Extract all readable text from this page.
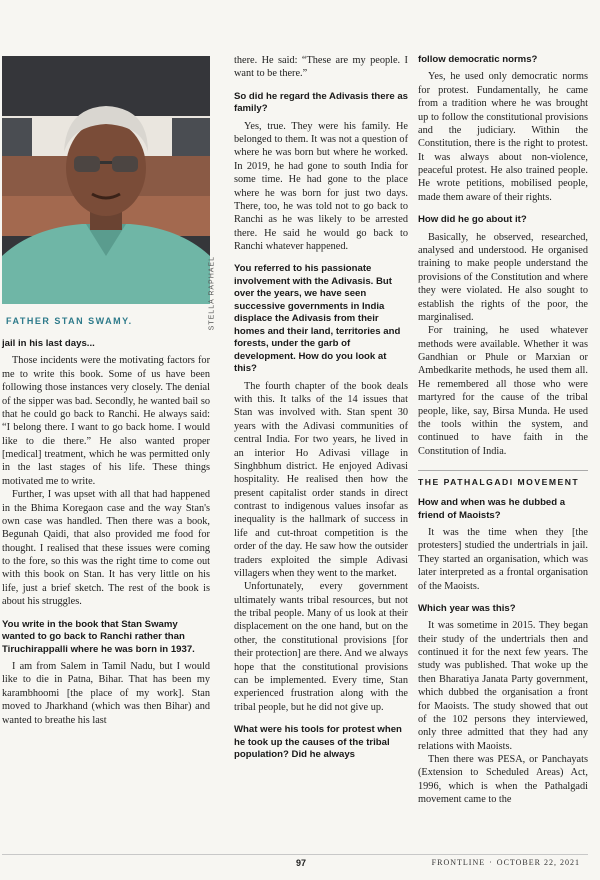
STELLA RAPHAEL
FATHER STAN SWAMY.
jail in his last days...

Those incidents were the motivating factors for me to write this book. Some of us have been following those instances very closely. The denial of the sipper was bad. Secondly, he wanted bail so that he could go back to Ranchi. He always said: “I belong there. I want to go back home. I would like to die there.” He also wanted proper [medical] treatment, which he was permitted only in the last stages of his life. These things motivated me to write.

Further, I was upset with all that had happened in the Bhima Koregaon case and the way Stan's own case was handled. Then there was a book, Begunah Qaidi, that also provided me food for thought. I realised that these issues were coming to the fore, so this was the right time to come out with this book on Stan. It has very little on his life, just a brief sketch. The rest of the book is about his struggles.

You write in the book that Stan Swamy wanted to go back to Ranchi rather than Tiruchirappalli where he was born in 1937.

I am from Salem in Tamil Nadu, but I would like to die in Patna, Bihar. That has been my karambhoomi [the place of my work]. Stan moved to Jharkhand (which was then Bihar) and wanted to breathe his last

there. He said: “These are my people. I want to be there.”

So did he regard the Adivasis there as family?

Yes, true. They were his family. He belonged to them. It was not a question of where he was born but where he worked. In 2019, he had gone to south India for some time. He had gone to the place where he was born for just two days. There, too, he was told not to go back to Ranchi as he was likely to be arrested there. He said he would go back to Ranchi whatever happened.

You referred to his passionate involvement with the Adivasis. But over the years, we have seen successive governments in India displace the Adivasis from their homes and their land, territories and forests, under the garb of development. How do you look at this?

The fourth chapter of the book deals with this. It talks of the 14 issues that Stan was involved with. Stan spent 30 years with the Adivasi communities of central India. For two years, he lived in an interior Ho Adivasi village in Singhbhum district. He enjoyed Adivasi hospitality. He realised then how the present capitalist order stands in direct contrast to indigenous values insofar as inequality is the hallmark of success in life and cut-throat competition is the order of the day. He saw how the outsider traders exploited the simple Adivasi villagers when they went to the market.

Unfortunately, every government ultimately wants tribal resources, but not the tribal people. Many of us look at their displacement on the one hand, but on the other, the constitutional provisions [for their protection] are there. And we always hope that the constitutional provisions can be implemented. Every time, Stan experienced frustration along with the tribal people, but he did not give up.

What were his tools for protest when he took up the causes of the tribal population? Did he always
follow democratic norms?

Yes, he used only democratic norms for protest. Fundamentally, he came from a tradition where he was brought up to follow the constitutional provisions and the judiciary. Within the Constitution, there is the right to protest. It was always about non-violence, peaceful protest. He also trained people. He wrote petitions, mobilised people, made them aware of their rights.

How did he go about it?

Basically, he observed, researched, analysed and understood. He organised training to make people understand the provisions of the Constitution and where they were violated. He also sought to establish the rights of the poor, the marginalised.

For training, he used whatever methods were available. Whether it was Gandhian or Phule or Marxian or Ambedkarite methods, he used them all. He remembered all those who were martyred for the cause of the tribal people, like, say, Birsa Munda. He used the tools within the system, and continued to have faith in the Constitution of India.

THE PATHALGADI MOVEMENT
How and when was he dubbed a friend of Maoists?

It was the time when they [the protesters] studied the undertrials in jail. They started an organisation, which was later interpreted as a frontal organisation of the Maoists.

Which year was this?

It was sometime in 2015. They began their study of the undertrials then and continued it for the next few years. The study was published. That woke up the then Bharatiya Janata Party government, which dubbed the organisation a front for Maoists. The study showed that out of the 102 persons they interviewed, only three admitted that they had any relations with Maoists.

Then there was PESA, or Panchayats (Extension to Scheduled Areas) Act, 1996, which is when the Pathalgadi movement came to the

97	FRONTLINE · OCTOBER 22, 2021
